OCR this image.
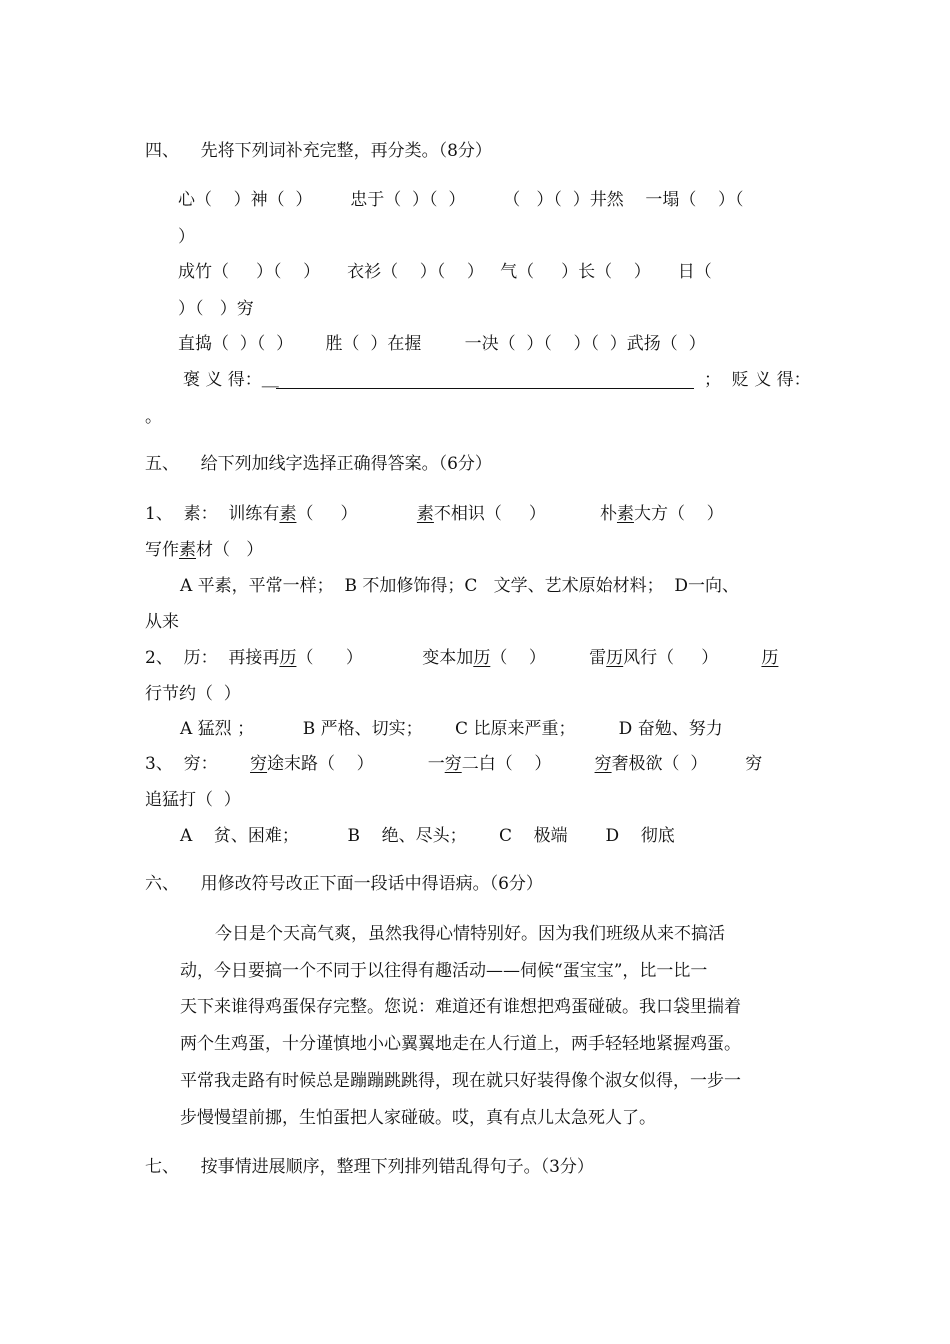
四、    先将下列词补充完整，再分类。（8分）
心（    ）神（  ）       忠于（  ）（  ）       （   ）（  ）井然    一塌（    ）（
）
成竹（     ）（    ）     衣衫（    ）（    ）   气（     ）长（    ）     日（
）（   ）穷
直捣（  ）（  ）      胜（  ）在握        一决（  ）（    ）（  ）武扬（  ）
褒 义 得：＿	；  贬 义 得：
。
五、    给下列加线字选择正确得答案。（6分）
1、  素：  训练有素（     ）           素不相识（     ）          朴素大方（    ）
写作素材（   ）
A 平素，平常一样；  B 不加修饰得；C   文学、艺术原始材料；  D一向、
从来
2、  历：  再接再历（      ）           变本加历（    ）        雷历风行（     ）        历
行节约（  ）
A 猛烈 ；         B 严格、切实；      C 比原来严重；        D 奋勉、努力
3、  穷：      穷途末路（    ）          一穷二白（    ）        穷奢极欲（  ）       穷
追猛打（  ）
A    贫、困难；         B    绝、尽头；      C    极端       D    彻底
六、    用修改符号改正下面一段话中得语病。（6分）
今日是个天高气爽，虽然我得心情特别好。因为我们班级从来不搞活
动，今日要搞一个不同于以往得有趣活动——伺候“蛋宝宝”，比一比一
天下来谁得鸡蛋保存完整。您说：难道还有谁想把鸡蛋碰破。我口袋里揣着
两个生鸡蛋，十分谨慎地小心翼翼地走在人行道上，两手轻轻地紧握鸡蛋。
平常我走路有时候总是蹦蹦跳跳得，现在就只好装得像个淑女似得，一步一
步慢慢望前挪，生怕蛋把人家碰破。哎，真有点儿太急死人了。
七、    按事情进展顺序，整理下列排列错乱得句子。（3分）
